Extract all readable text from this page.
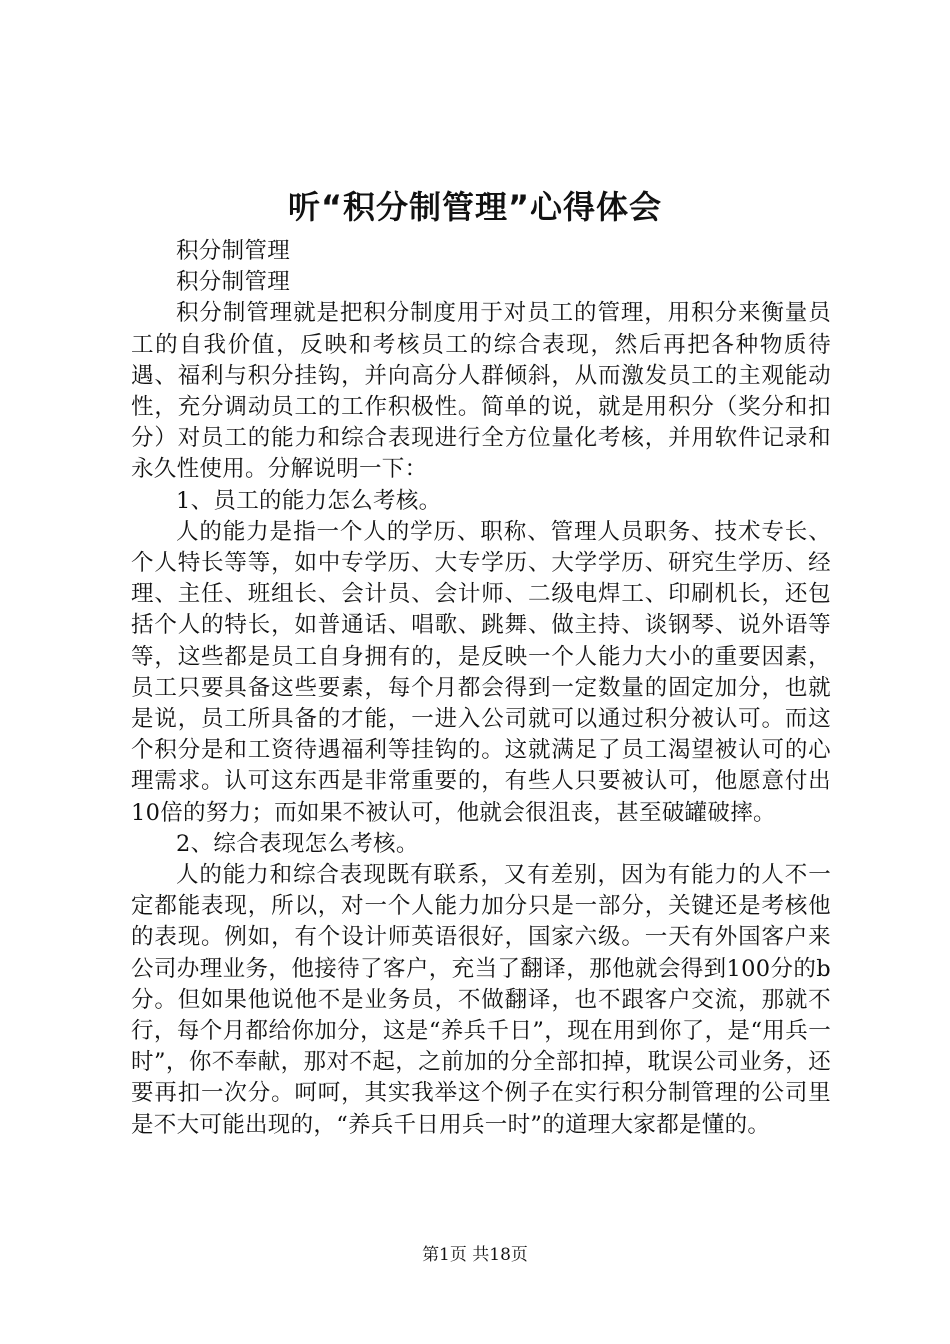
听“积分制管理”心得体会

积分制管理

积分制管理

积分制管理就是把积分制度用于对员工的管理，用积分来衡量员工的自我价值，反映和考核员工的综合表现，然后再把各种物质待遇、福利与积分挂钩，并向高分人群倾斜，从而激发员工的主观能动性，充分调动员工的工作积极性。简单的说，就是用积分（奖分和扣分）对员工的能力和综合表现进行全方位量化考核，并用软件记录和永久性使用。分解说明一下：

1、员工的能力怎么考核。

人的能力是指一个人的学历、职称、管理人员职务、技术专长、个人特长等等，如中专学历、大专学历、大学学历、研究生学历、经理、主任、班组长、会计员、会计师、二级电焊工、印刷机长，还包括个人的特长，如普通话、唱歌、跳舞、做主持、谈钢琴、说外语等等，这些都是员工自身拥有的，是反映一个人能力大小的重要因素，员工只要具备这些要素，每个月都会得到一定数量的固定加分，也就是说，员工所具备的才能，一进入公司就可以通过积分被认可。而这个积分是和工资待遇福利等挂钩的。这就满足了员工渴望被认可的心理需求。认可这东西是非常重要的，有些人只要被认可，他愿意付出10倍的努力；而如果不被认可，他就会很沮丧，甚至破罐破摔。

2、综合表现怎么考核。

人的能力和综合表现既有联系，又有差别，因为有能力的人不一定都能表现，所以，对一个人能力加分只是一部分，关键还是考核他的表现。例如，有个设计师英语很好，国家六级。一天有外国客户来公司办理业务，他接待了客户，充当了翻译，那他就会得到100分的b分。但如果他说他不是业务员，不做翻译，也不跟客户交流，那就不行，每个月都给你加分，这是“养兵千日”，现在用到你了，是“用兵一时”，你不奉献，那对不起，之前加的分全部扣掉，耽误公司业务，还要再扣一次分。呵呵，其实我举这个例子在实行积分制管理的公司里是不大可能出现的，“养兵千日用兵一时”的道理大家都是懂的。

第1页 共18页
